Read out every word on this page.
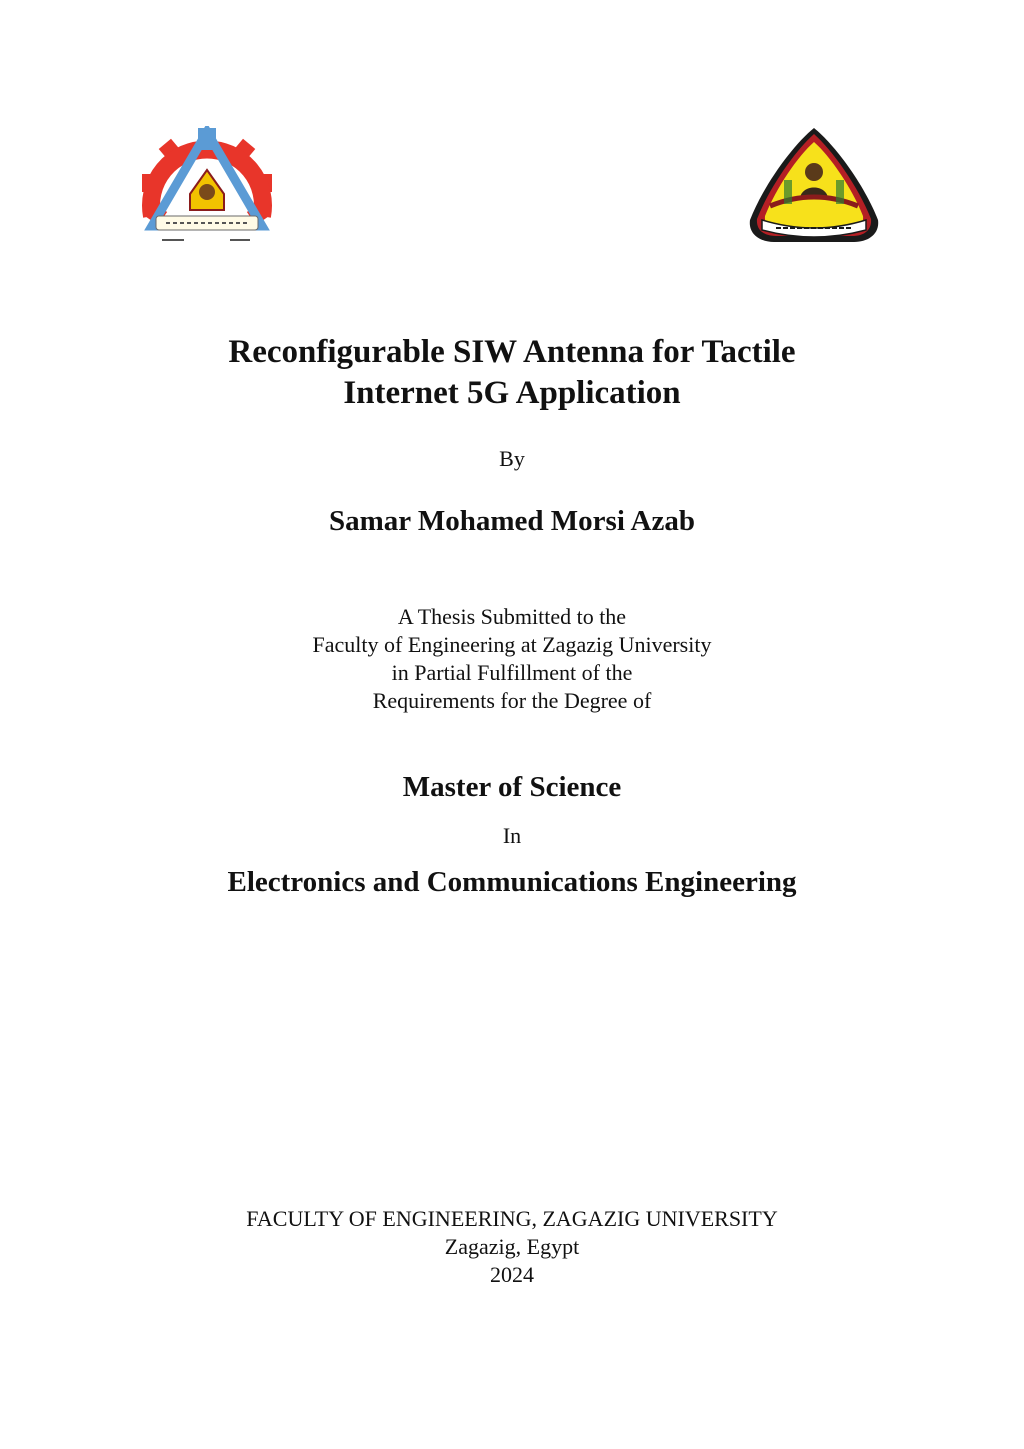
Reconfigurable SIW Antenna for Tactile
Internet 5G Application
By
Samar Mohamed Morsi Azab
A Thesis Submitted to the
Faculty of Engineering at Zagazig University
in Partial Fulfillment of the
Requirements for the Degree of
Master of Science
In
Electronics and Communications Engineering
FACULTY OF ENGINEERING, ZAGAZIG UNIVERSITY
Zagazig, Egypt
2024
